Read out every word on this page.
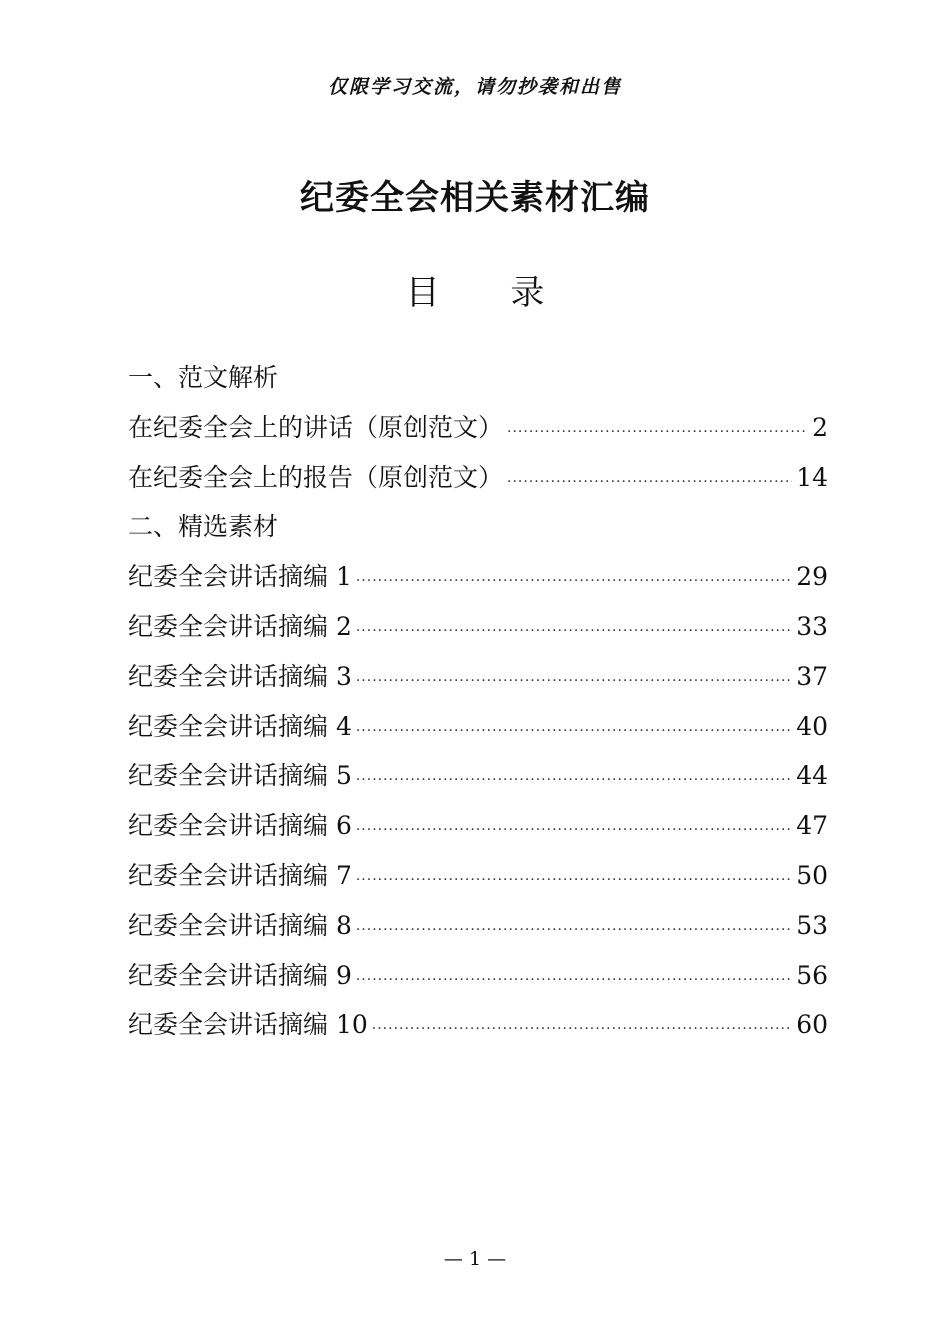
仅限学习交流，请勿抄袭和出售
纪委全会相关素材汇编
目 录
一、范文解析
在纪委全会上的讲话（原创范文） ·····	2
在纪委全会上的报告（原创范文） ·····	14
二、精选素材
纪委全会讲话摘编 1 ·····	29
纪委全会讲话摘编 2 ·····	33
纪委全会讲话摘编 3 ·····	37
纪委全会讲话摘编 4 ·····	40
纪委全会讲话摘编 5 ·····	44
纪委全会讲话摘编 6 ·····	47
纪委全会讲话摘编 7 ·····	50
纪委全会讲话摘编 8 ·····	53
纪委全会讲话摘编 9 ·····	56
纪委全会讲话摘编 10 ·····	60
— 1 —
